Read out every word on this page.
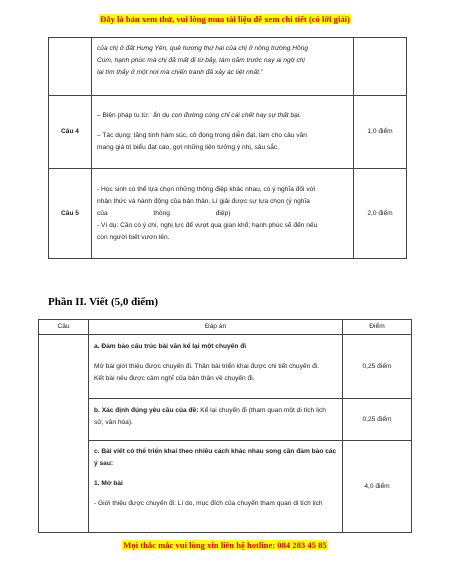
Đây là bản xem thử, vui lòng mua tài liệu để xem chi tiết (có lời giải)

	của chị ở đất Hưng Yên, quê hương thứ hai của chị ở nông trường Hồng

Cúm, hạnh phúc mà chị đã mất đi từ bảy, tám năm trước nay ai ngờ chị

lại tìm thấy ở một nơi mà chiến tranh đã xảy ác liệt nhất.”	

Câu 4	– Biện pháp tu từ:  ẩn dụ con đường cùng chỉ cái chết hay sự thất bại.

– Tác dụng: tăng tính hàm súc, cô đọng trong diễn đạt, làm cho câu văn

mang giá trị biểu đạt cao, gợi những liên tưởng ý nhị, sâu sắc.	1,0 điểm
Câu 5	- Học sinh có thể lựa chọn những thông điệp khác nhau, có ý nghĩa đối với

nhận thức và hành động của bản thân. Lí giải được sự lựa chọn (ý nghĩa

của                         thông                         điệp)

- Ví dụ: Cần có ý chí, nghị lực để vượt qua gian khổ; hạnh phúc sẽ đến nếu

con người biết vươn lên.	2,0 điểm
Phần II. Viết (5,0 điểm)
Câu	Đáp án	Điểm

	a. Đảm bảo cấu trúc bài văn kể lại một chuyến đi

Mở bài giới thiệu được chuyến đi. Thân bài triển khai được chi tiết chuyến đi.

Kết bài nêu được cảm nghĩ của bản thân về chuyến đi.	0,25 điểm

	b. Xác định đúng yêu cầu của đề: Kể lại chuyến đi (tham quan một di tích lịch

sử, văn hóa).	0,25 điểm

	c. Bài viết có thể triển khai theo nhiều cách khác nhau song cần đảm bảo các

ý sau:

1. Mở bài

- Giới thiệu được chuyến đi: Lí do, mục đích của chuyến tham quan di tích lịch	4,0 điểm
Mọi thắc mắc vui lòng xin liên hệ hotline: 084 283 45 85
